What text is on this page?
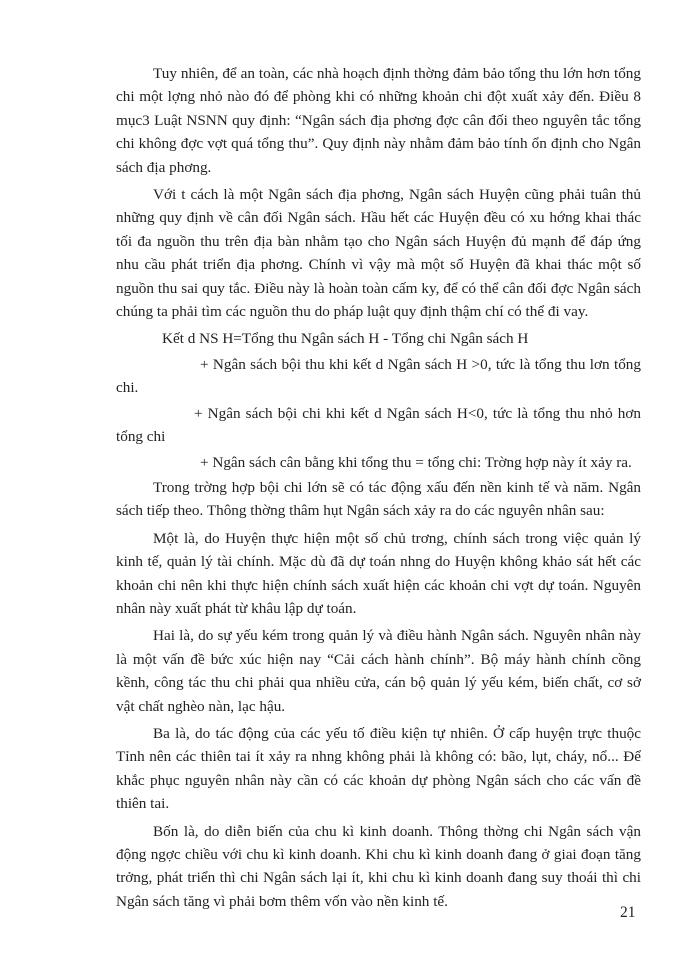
Tuy nhiên, để an toàn, các nhà hoạch định thờng đảm bảo tổng thu lớn hơn tổng chi một lợng nhỏ nào đó để phòng khi có những khoản chi đột xuất xảy đến. Điều 8 mục3 Luật NSNN quy định: “Ngân sách địa phơng đợc cân đối theo nguyên tắc tổng chi không đợc vợt quá tổng thu”. Quy định này nhằm đảm bảo tính ổn định cho Ngân sách địa phơng.

Với t cách là một Ngân sách địa phơng, Ngân sách Huyện cũng phải tuân thủ những quy định về cân đối Ngân sách. Hầu hết các Huyện đều có xu hớng khai thác tối đa nguồn thu trên địa bàn nhằm tạo cho Ngân sách Huyện đủ mạnh để đáp ứng nhu cầu phát triển địa phơng. Chính vì vậy mà một số Huyện đã khai thác một số nguồn thu sai quy tắc. Điều này là hoàn toàn cấm ky, để có thể cân đối đợc Ngân sách chúng ta phải tìm các nguồn thu do pháp luật quy định thậm chí có thể đi vay.

Kết d NS H=Tổng thu Ngân sách H - Tổng chi Ngân sách H

+ Ngân sách bội thu khi kết d Ngân sách H >0, tức là tổng thu lơn tổng chi.

+ Ngân sách bội chi khi kết d Ngân sách H<0, tức là tổng thu nhỏ hơn tổng chi

+ Ngân sách cân bằng khi tổng thu = tổng chi: Trờng hợp này ít xảy ra.

Trong trờng hợp bội chi lớn sẽ có tác động xấu đến nền kinh tế và năm. Ngân sách tiếp theo. Thông thờng thâm hụt Ngân sách xảy ra do các nguyên nhân sau:

Một là, do Huyện thực hiện một số chủ trơng, chính sách trong việc quản lý kinh tế, quản lý tài chính. Mặc dù đã dự toán nhng do Huyện không khảo sát hết các khoản chi nên khi thực hiện chính sách xuất hiện các khoản chi vợt dự toán. Nguyên nhân này xuất phát từ khâu lập dự toán.

Hai là, do sự yếu kém trong quản lý và điều hành Ngân sách. Nguyên nhân này là một vấn đề bức xúc hiện nay “Cải cách hành chính”. Bộ máy hành chính cồng kềnh, công tác thu chi phải qua nhiều cửa, cán bộ quản lý yếu kém, biến chất, cơ sở vật chất nghèo nàn, lạc hậu.

Ba là, do tác động của các yếu tố điều kiện tự nhiên. Ở cấp huyện trực thuộc Tỉnh nên các thiên tai ít xảy ra nhng không phải là không có: bão, lụt, cháy, nổ... Để khắc phục nguyên nhân này cần có các khoản dự phòng Ngân sách cho các vấn đề thiên tai.

Bốn là, do diễn biến của chu kì kinh doanh. Thông thờng chi Ngân sách vận động ngợc chiều với chu kì kinh doanh. Khi chu kì kinh doanh đang ở giai đoạn tăng trởng, phát triển thì chi Ngân sách lại ít, khi chu kì kinh doanh đang suy thoái thì chi Ngân sách tăng vì phải bơm thêm vốn vào nền kinh tế.

21
